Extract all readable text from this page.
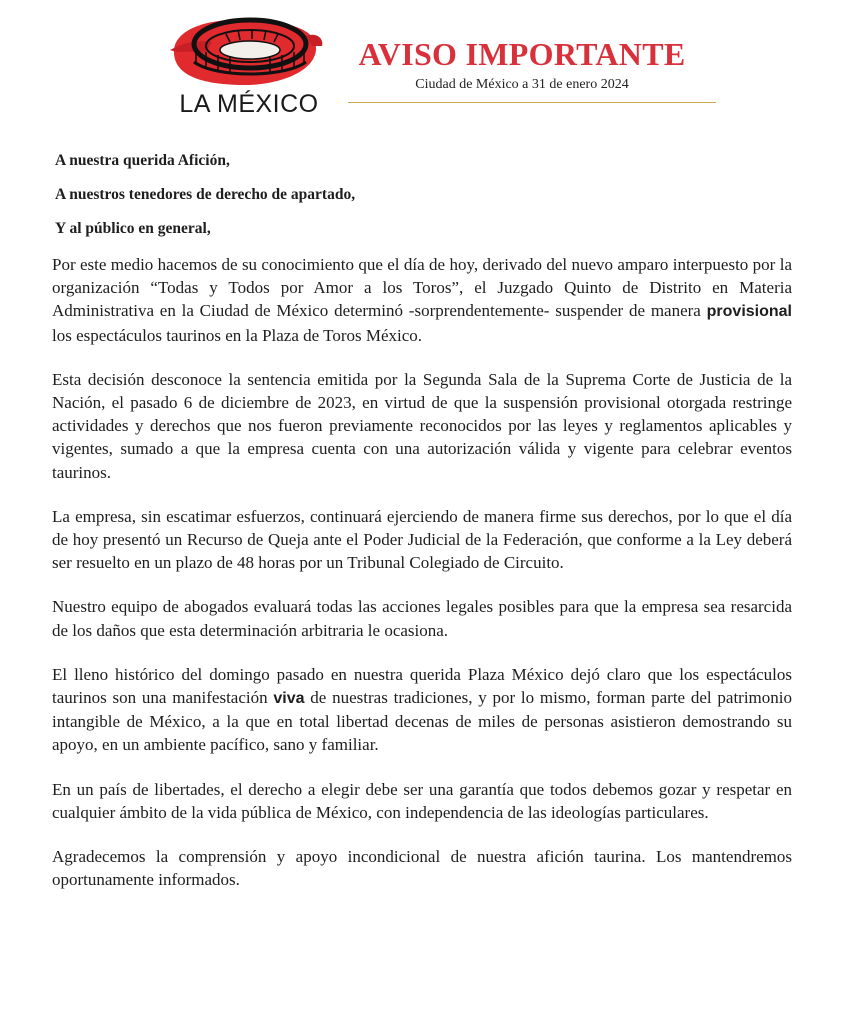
LA MÉXICO
AVISO IMPORTANTE
Ciudad de México a 31 de enero 2024

A nuestra querida Afición,

A nuestros tenedores de derecho de apartado,

Y al público en general,

Por este medio hacemos de su conocimiento que el día de hoy, derivado del nuevo amparo interpuesto por la organización “Todas y Todos por Amor a los Toros”, el Juzgado Quinto de Distrito en Materia Administrativa en la Ciudad de México determinó -sorprendentemente- suspender de manera provisional los espectáculos taurinos en la Plaza de Toros México.

Esta decisión desconoce la sentencia emitida por la Segunda Sala de la Suprema Corte de Justicia de la Nación, el pasado 6 de diciembre de 2023, en virtud de que la suspensión provisional otorgada restringe actividades y derechos que nos fueron previamente reconocidos por las leyes y reglamentos aplicables y vigentes, sumado a que la empresa cuenta con una autorización válida y vigente para celebrar eventos taurinos.

La empresa, sin escatimar esfuerzos, continuará ejerciendo de manera firme sus derechos, por lo que el día de hoy presentó un Recurso de Queja ante el Poder Judicial de la Federación, que conforme a la Ley deberá ser resuelto en un plazo de 48 horas por un Tribunal Colegiado de Circuito.

Nuestro equipo de abogados evaluará todas las acciones legales posibles para que la empresa sea resarcida de los daños que esta determinación arbitraria le ocasiona.

El lleno histórico del domingo pasado en nuestra querida Plaza México dejó claro que los espectáculos taurinos son una manifestación viva de nuestras tradiciones, y por lo mismo, forman parte del patrimonio intangible de México, a la que en total libertad decenas de miles de personas asistieron demostrando su apoyo, en un ambiente pacífico, sano y familiar.

En un país de libertades, el derecho a elegir debe ser una garantía que todos debemos gozar y respetar en cualquier ámbito de la vida pública de México, con independencia de las ideologías particulares.

Agradecemos la comprensión y apoyo incondicional de nuestra afición taurina. Los mantendremos oportunamente informados.
